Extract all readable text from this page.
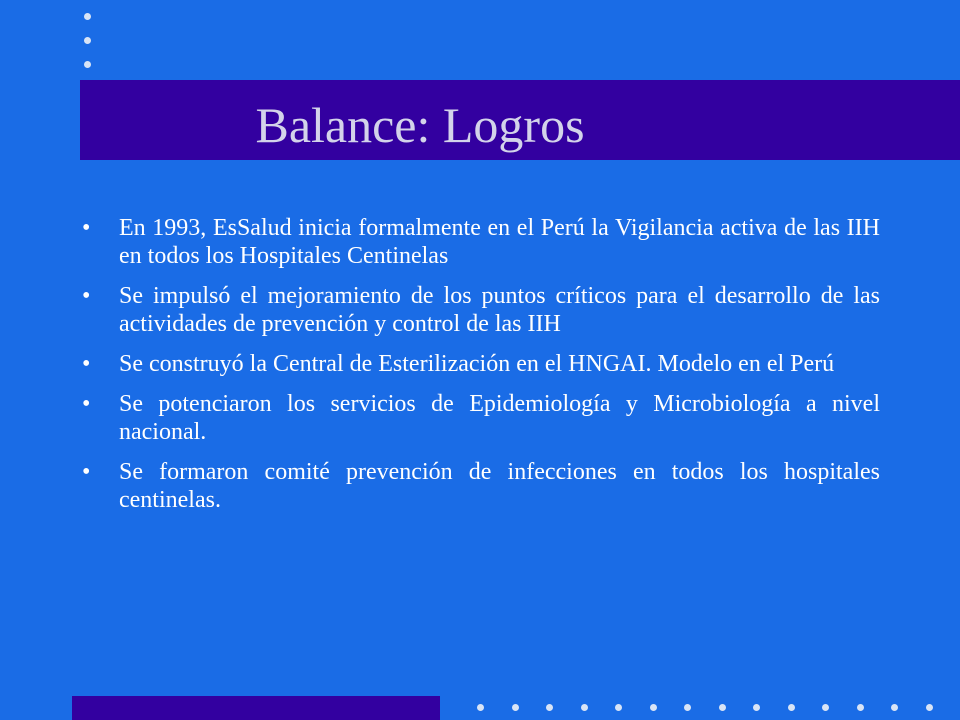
Balance: Logros
• En 1993, EsSalud inicia formalmente en el Perú la Vigilancia activa de las IIH en todos los Hospitales Centinelas
• Se impulsó el mejoramiento de los puntos críticos para el desarrollo de las actividades de prevención y control de las IIH
• Se construyó la Central de Esterilización en el HNGAI. Modelo en el Perú
• Se potenciaron los servicios de Epidemiología y Microbiología a nivel nacional.
• Se formaron comité prevención de infecciones en todos los hospitales centinelas.
